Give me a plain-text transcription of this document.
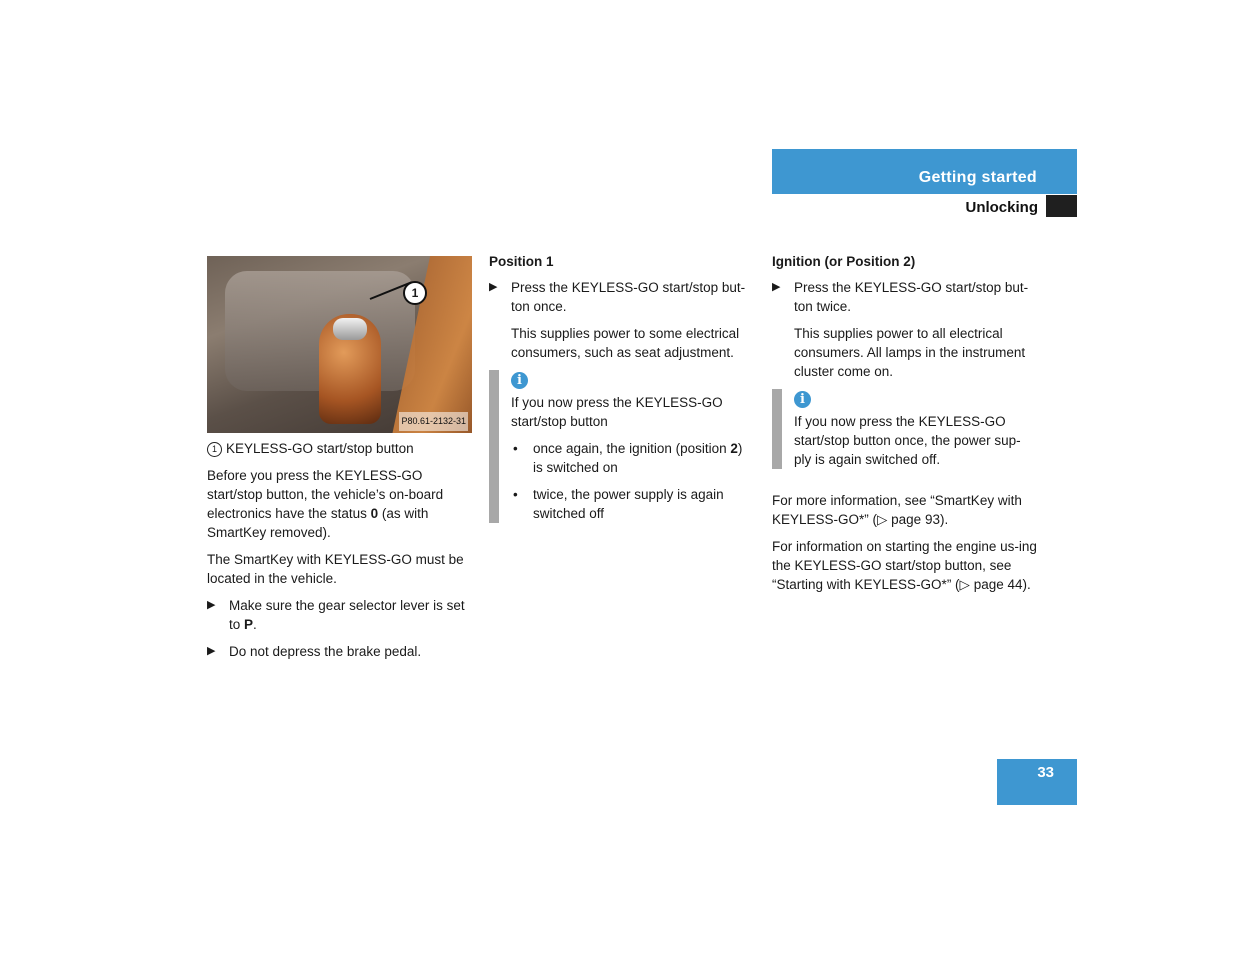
Getting started
Unlocking
1
P80.61-2132-31

1 KEYLESS-GO start/stop button

Before you press the KEYLESS-GO start/stop button, the vehicle’s on-board electronics have the status 0 (as with SmartKey removed).

The SmartKey with KEYLESS-GO must be located in the vehicle.

▶ Make sure the gear selector lever is set to P.

▶ Do not depress the brake pedal.

Position 1

▶ Press the KEYLESS-GO start/stop but-ton once.

This supplies power to some electrical consumers, such as seat adjustment.

i

If you now press the KEYLESS-GO start/stop button

• once again, the ignition (position 2) is switched on

• twice, the power supply is again switched off

Ignition (or Position 2)

▶ Press the KEYLESS-GO start/stop but-ton twice.

This supplies power to all electrical consumers. All lamps in the instrument cluster come on.

i

If you now press the KEYLESS-GO start/stop button once, the power sup-ply is again switched off.

For more information, see “SmartKey with KEYLESS-GO*” (▷ page 93).

For information on starting the engine us-ing the KEYLESS-GO start/stop button, see “Starting with KEYLESS-GO*” (▷ page 44).

33
